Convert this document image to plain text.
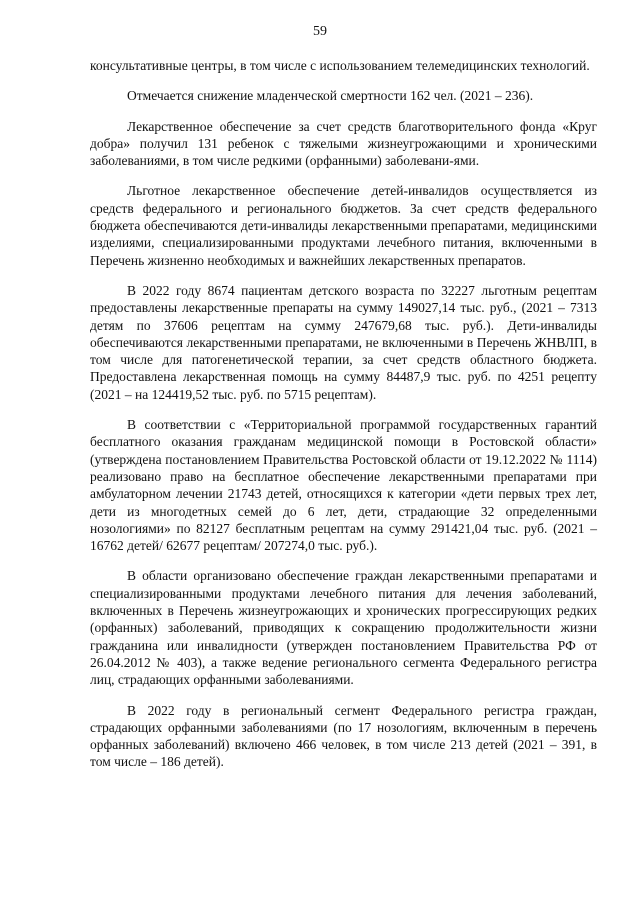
59

консультативные центры, в том числе с использованием телемедицинских технологий.

Отмечается снижение младенческой смертности 162 чел. (2021 – 236).

Лекарственное обеспечение за счет средств благотворительного фонда «Круг добра» получил 131 ребенок с тяжелыми жизнеугрожающими и хроническими заболеваниями, в том числе редкими (орфанными) заболевани-ями.

Льготное лекарственное обеспечение детей-инвалидов осуществляется из средств федерального и регионального бюджетов. За счет средств федерального бюджета обеспечиваются дети-инвалиды лекарственными препаратами, медицинскими изделиями, специализированными продуктами лечебного питания, включенными в Перечень жизненно необходимых и важнейших лекарственных препаратов.

В 2022 году 8674 пациентам детского возраста по 32227 льготным рецептам предоставлены лекарственные препараты на сумму 149027,14 тыс. руб., (2021 – 7313 детям по 37606 рецептам на сумму 247679,68 тыс. руб.). Дети-инвалиды обеспечиваются лекарственными препаратами, не включенными в Перечень ЖНВЛП, в том числе для патогенетической терапии, за счет средств областного бюджета. Предоставлена лекарственная помощь на сумму 84487,9 тыс. руб. по 4251 рецепту (2021 – на 124419,52 тыс. руб. по 5715 рецептам).

В соответствии с «Территориальной программой государственных гарантий бесплатного оказания гражданам медицинской помощи в Ростовской области» (утверждена постановлением Правительства Ростовской области от 19.12.2022 № 1114) реализовано право на бесплатное обеспечение лекарственными препаратами при амбулаторном лечении 21743 детей, относящихся к категории «дети первых трех лет, дети из многодетных семей до 6 лет, дети, страдающие 32 определенными нозологиями» по 82127 бесплатным рецептам на сумму 291421,04 тыс. руб. (2021 – 16762 детей/ 62677 рецептам/ 207274,0 тыс. руб.).

В области организовано обеспечение граждан лекарственными препаратами и специализированными продуктами лечебного питания для лечения заболеваний, включенных в Перечень жизнеугрожающих и хронических прогрессирующих редких (орфанных) заболеваний, приводящих к сокращению продолжительности жизни гражданина или инвалидности (утвержден постановлением Правительства РФ от 26.04.2012 № 403), а также ведение регионального сегмента Федерального регистра лиц, страдающих орфанными заболеваниями.

В 2022 году в региональный сегмент Федерального регистра граждан, страдающих орфанными заболеваниями (по 17 нозологиям, включенным в перечень орфанных заболеваний) включено 466 человек, в том числе 213 детей (2021 – 391, в том числе – 186 детей).
